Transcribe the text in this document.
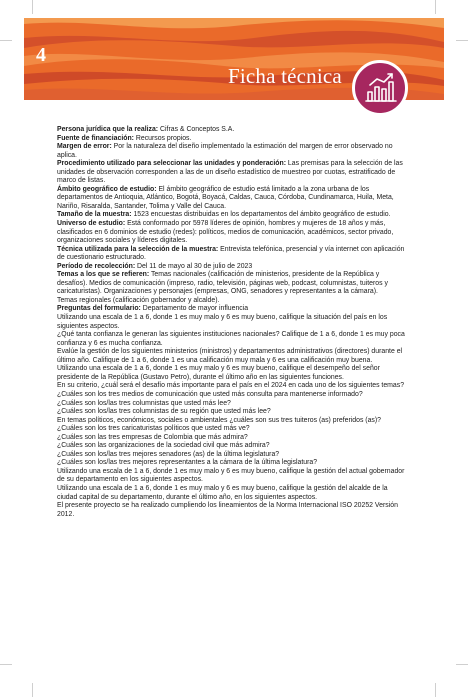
4
Ficha técnica

Persona jurídica que la realiza: Cifras & Conceptos S.A.

Fuente de financiación: Recursos propios.

Margen de error: Por la naturaleza del diseño implementado la estimación del margen de error observado no aplica.

Procedimiento utilizado para seleccionar las unidades y ponderación: Las premisas para la selección de las unidades de observación corresponden a las de un diseño estadístico de muestreo por cuotas, estratificado de marco de listas.

Ámbito geográfico de estudio: El ámbito geográfico de estudio está limitado a la zona urbana de los departamentos de Antioquia, Atlántico, Bogotá, Boyacá, Caldas, Cauca, Córdoba, Cundinamarca, Huila, Meta, Nariño, Risaralda, Santander, Tolima y Valle del Cauca.

Tamaño de la muestra: 1523 encuestas distribuidas en los departamentos del ámbito geográfico de estudio.

Universo de estudio: Está conformado por 5978 líderes de opinión, hombres y mujeres de 18 años y más, clasificados en 6 dominios de estudio (redes): políticos, medios de comunicación, académicos, sector privado, organizaciones sociales y líderes digitales.

Técnica utilizada para la selección de la muestra: Entrevista telefónica, presencial y vía internet con aplicación de cuestionario estructurado.

Período de recolección: Del 11 de mayo al 30 de julio de 2023

Temas a los que se refieren: Temas nacionales (calificación de ministerios, presidente de la República y desafíos). Medios de comunicación (impreso, radio, televisión, páginas web, podcast, columnistas, tuiteros y caricaturistas). Organizaciones y personajes (empresas, ONG, senadores y representantes a la cámara).

Temas regionales (calificación gobernador y alcalde).

Preguntas del formulario: Departamento de mayor influencia

Utilizando una escala de 1 a 6, donde 1 es muy malo y 6 es muy bueno, califique la situación del país en los siguientes aspectos.

¿Qué tanta confianza le generan las siguientes instituciones nacionales? Califique de 1 a 6, donde 1 es muy poca confianza y 6 es mucha confianza.

Evalúe la gestión de los siguientes ministerios (ministros) y departamentos administrativos (directores) durante el último año. Califique de 1 a 6, donde 1 es una calificación muy mala y 6 es una calificación muy buena.

Utilizando una escala de 1 a 6, donde 1 es muy malo y 6 es muy bueno, califique el desempeño del señor presidente de la República (Gustavo Petro), durante el último año en las siguientes funciones.

En su criterio, ¿cuál será el desafío más importante para el país en el 2024 en cada uno de los siguientes temas?

¿Cuáles son los tres medios de comunicación que usted más consulta para mantenerse informado?

¿Cuáles son los/las tres columnistas que usted más lee?

¿Cuáles son los/las tres columnistas de su región que usted más lee?

En temas políticos, económicos, sociales o ambientales ¿cuáles son sus tres tuiteros (as) preferidos (as)?

¿Cuáles son los tres caricaturistas políticos que usted más ve?

¿Cuáles son las tres empresas de Colombia que más admira?

¿Cuáles son las organizaciones de la sociedad civil que más admira?

¿Cuáles son los/las tres mejores senadores (as) de la última legislatura?

¿Cuáles son los/las tres mejores representantes a la cámara de la última legislatura?

Utilizando una escala de 1 a 6, donde 1 es muy malo y 6 es muy bueno, califique la gestión del actual gobernador de su departamento en los siguientes aspectos.

Utilizando una escala de 1 a 6, donde 1 es muy malo y 6 es muy bueno, califique la gestión del alcalde de la ciudad capital de su departamento, durante el último año, en los siguientes aspectos.

El presente proyecto se ha realizado cumpliendo los lineamientos de la Norma Internacional ISO 20252 Versión 2012.
